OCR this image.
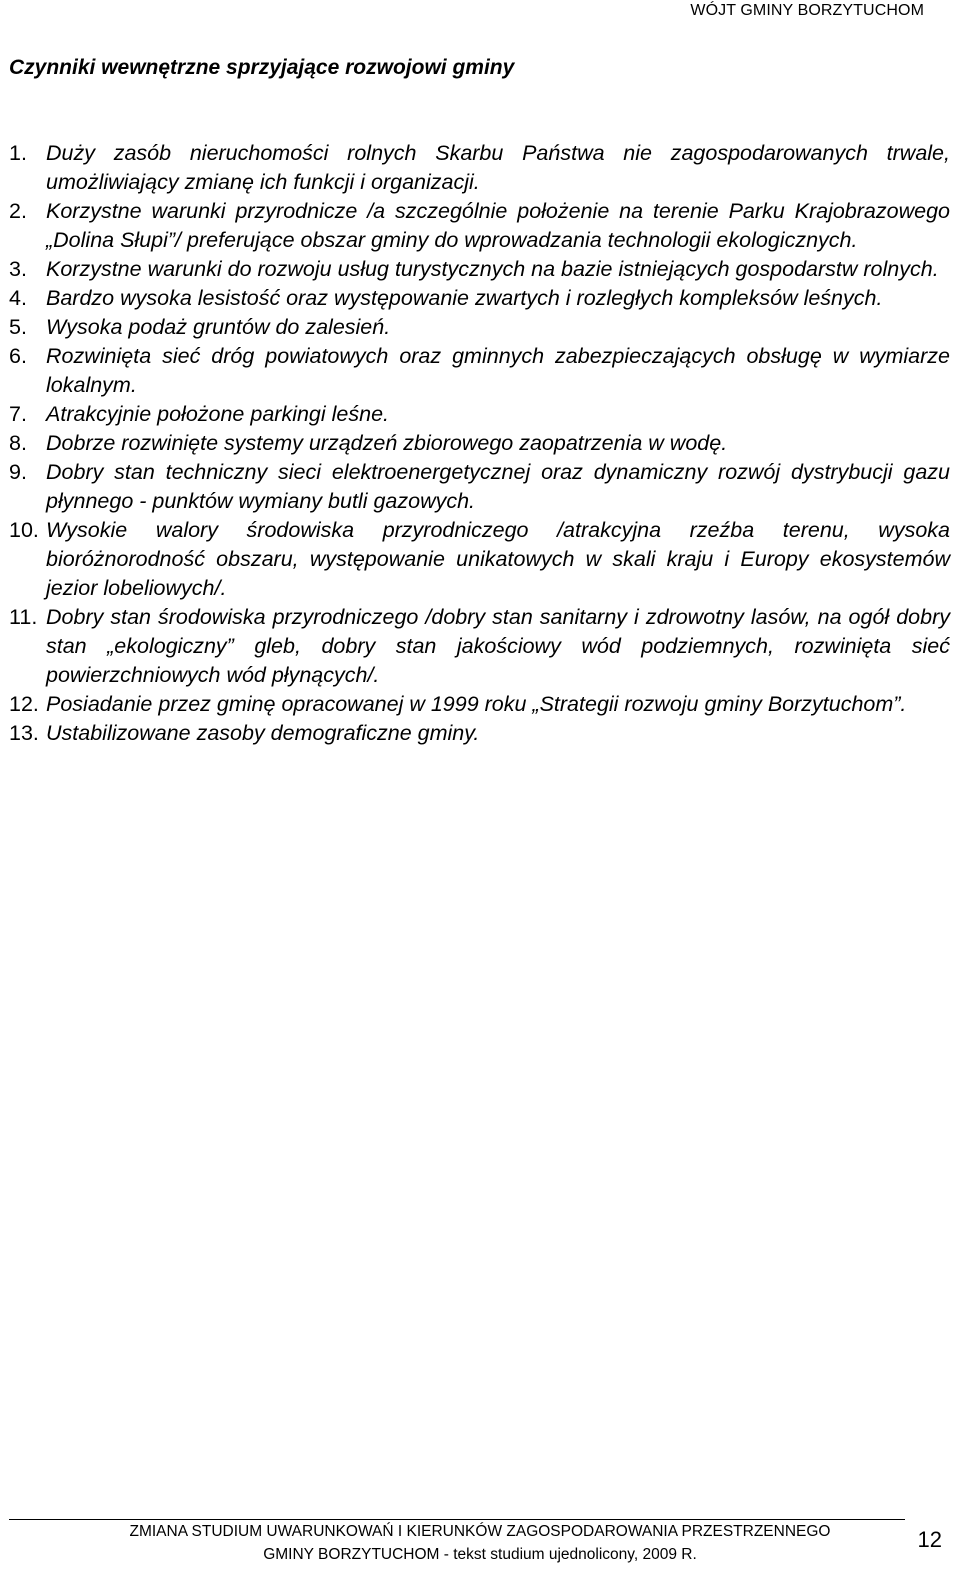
WÓJT GMINY BORZYTUCHOM
Czynniki wewnętrzne sprzyjające rozwojowi gminy
1. Duży zasób nieruchomości rolnych Skarbu Państwa nie zagospodarowanych trwale, umożliwiający zmianę ich funkcji i organizacji.
2. Korzystne warunki przyrodnicze /a szczególnie położenie na terenie Parku Krajobrazowego „Dolina Słupi”/ preferujące obszar gminy do wprowadzania technologii ekologicznych.
3. Korzystne warunki do rozwoju usług turystycznych na bazie istniejących gospodarstw rolnych.
4. Bardzo wysoka lesistość oraz występowanie zwartych i rozległych kompleksów leśnych.
5. Wysoka podaż gruntów do zalesień.
6. Rozwinięta sieć dróg powiatowych oraz gminnych zabezpieczających obsługę w wymiarze lokalnym.
7. Atrakcyjnie położone parkingi leśne.
8. Dobrze rozwinięte systemy urządzeń zbiorowego zaopatrzenia w wodę.
9. Dobry stan techniczny sieci elektroenergetycznej oraz dynamiczny rozwój dystrybucji gazu płynnego - punktów wymiany butli gazowych.
10. Wysokie walory środowiska przyrodniczego /atrakcyjna rzeźba terenu, wysoka bioróżnorodność obszaru, występowanie unikatowych w skali kraju i Europy ekosystemów jezior lobeliowych/.
11. Dobry stan środowiska przyrodniczego /dobry stan sanitarny i zdrowotny lasów, na ogół dobry stan „ekologiczny” gleb, dobry stan jakościowy wód podziemnych, rozwinięta sieć powierzchniowych wód płynących/.
12. Posiadanie przez gminę opracowanej w 1999 roku „Strategii rozwoju gminy Borzytuchom”.
13. Ustabilizowane zasoby demograficzne gminy.
ZMIANA STUDIUM UWARUNKOWAŃ I KIERUNKÓW ZAGOSPODAROWANIA PRZESTRZENNEGO
GMINY BORZYTUCHOM - tekst studium ujednolicony, 2009 R.
12
